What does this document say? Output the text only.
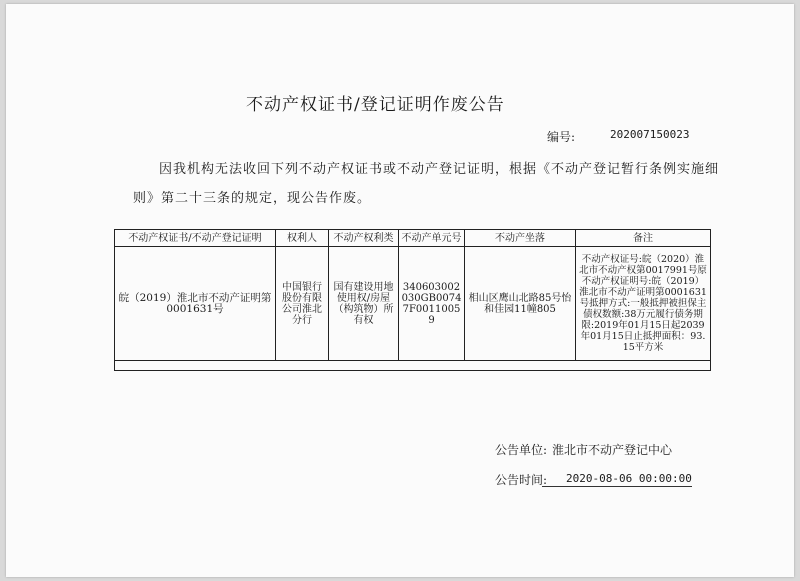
不动产权证书/登记证明作废公告
编号:	202007150023

因我机构无法收回下列不动产权证书或不动产登记证明，根据《不动产登记暂行条例实施细则》第二十三条的规定，现公告作废。

不动产权证书/不动产登记证明	权利人	不动产权利类	不动产单元号	不动产坐落	备注
皖（2019）淮北市不动产证明第0001631号	中国银行股份有限公司淮北分行	国有建设用地使用权/房屋（构筑物）所有权	340603002030GB00747F00110059	相山区鹰山北路85号怡和佳园11幢805	不动产权证号:皖（2020）淮北市不动产权第0017991号原不动产权证明号:皖（2019）淮北市不动产证明第0001631号抵押方式:一般抵押被担保主债权数额:38万元履行债务期限:2019年01月15日起2039年01月15日止抵押面积：93.15平方米

公告单位: 淮北市不动产登记中心
公告时间: 2020-08-06 00:00:00
